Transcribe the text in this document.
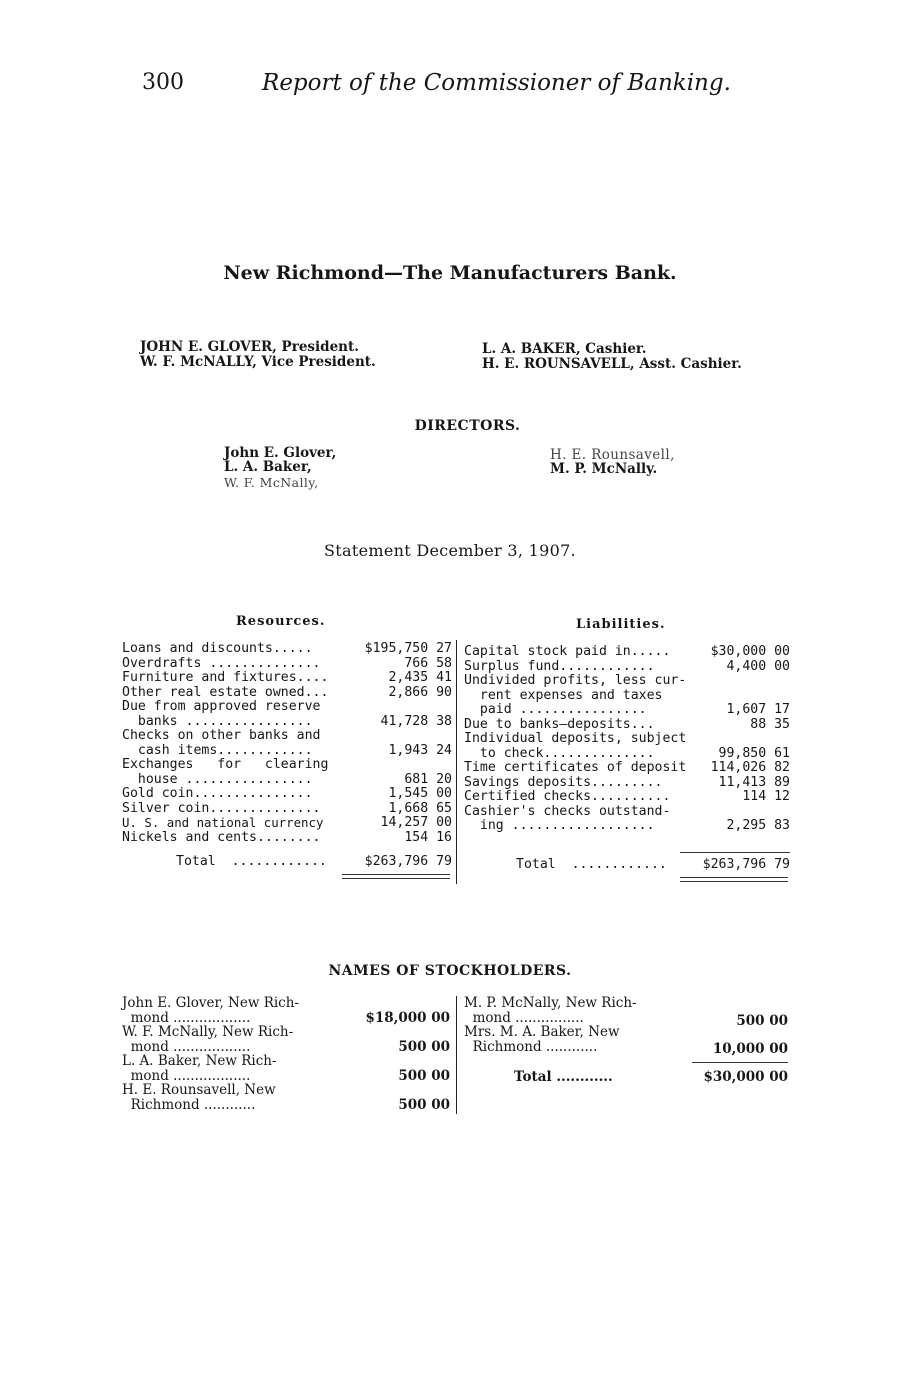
300	Report of the Commissioner of Banking.
New Richmond—The Manufacturers Bank.
JOHN E. GLOVER, President.
W. F. McNALLY, Vice President.
L. A. BAKER, Cashier.
H. E. ROUNSAVELL, Asst. Cashier.
DIRECTORS.
John E. Glover,
L. A. Baker,
W. F. McNally,
H. E. Rounsavell,
M. P. McNally.
Statement December 3, 1907.
Resources.	Liabilities.
Loans and discounts.....	$195,750 27
Overdrafts ..............	766 58
Furniture and fixtures....	2,435 41
Other real estate owned...	2,866 90
Due from approved reserve
banks ................	41,728 38
Checks on other banks and
cash items............	1,943 24
Exchanges   for   clearing
house ................	681 20
Gold coin...............	1,545 00
Silver coin..............	1,668 65
U. S. and national currency	14,257 00
Nickels and cents........	154 16
Total  ............	$263,796 79
Capital stock paid in.....	$30,000 00
Surplus fund............	4,400 00
Undivided profits, less cur-
rent expenses and taxes
paid ................	1,607 17
Due to banks—deposits...	88 35
Individual deposits, subject
to check..............	99,850 61
Time certificates of deposit 114,026 82
Savings deposits.........	11,413 89
Certified checks..........	114 12
Cashier's checks outstand-
ing ..................	2,295 83
Total  ............	$263,796 79
NAMES OF STOCKHOLDERS.
John E. Glover, New Rich-
mond ..................	$18,000 00
W. F. McNally, New Rich-
mond ..................	500 00
L. A. Baker, New Rich-
mond ..................	500 00
H. E. Rounsavell, New
Richmond ............	500 00
M. P. McNally, New Rich-
mond ................	500 00
Mrs. M. A. Baker, New
Richmond ............	10,000 00
Total ............	$30,000 00
